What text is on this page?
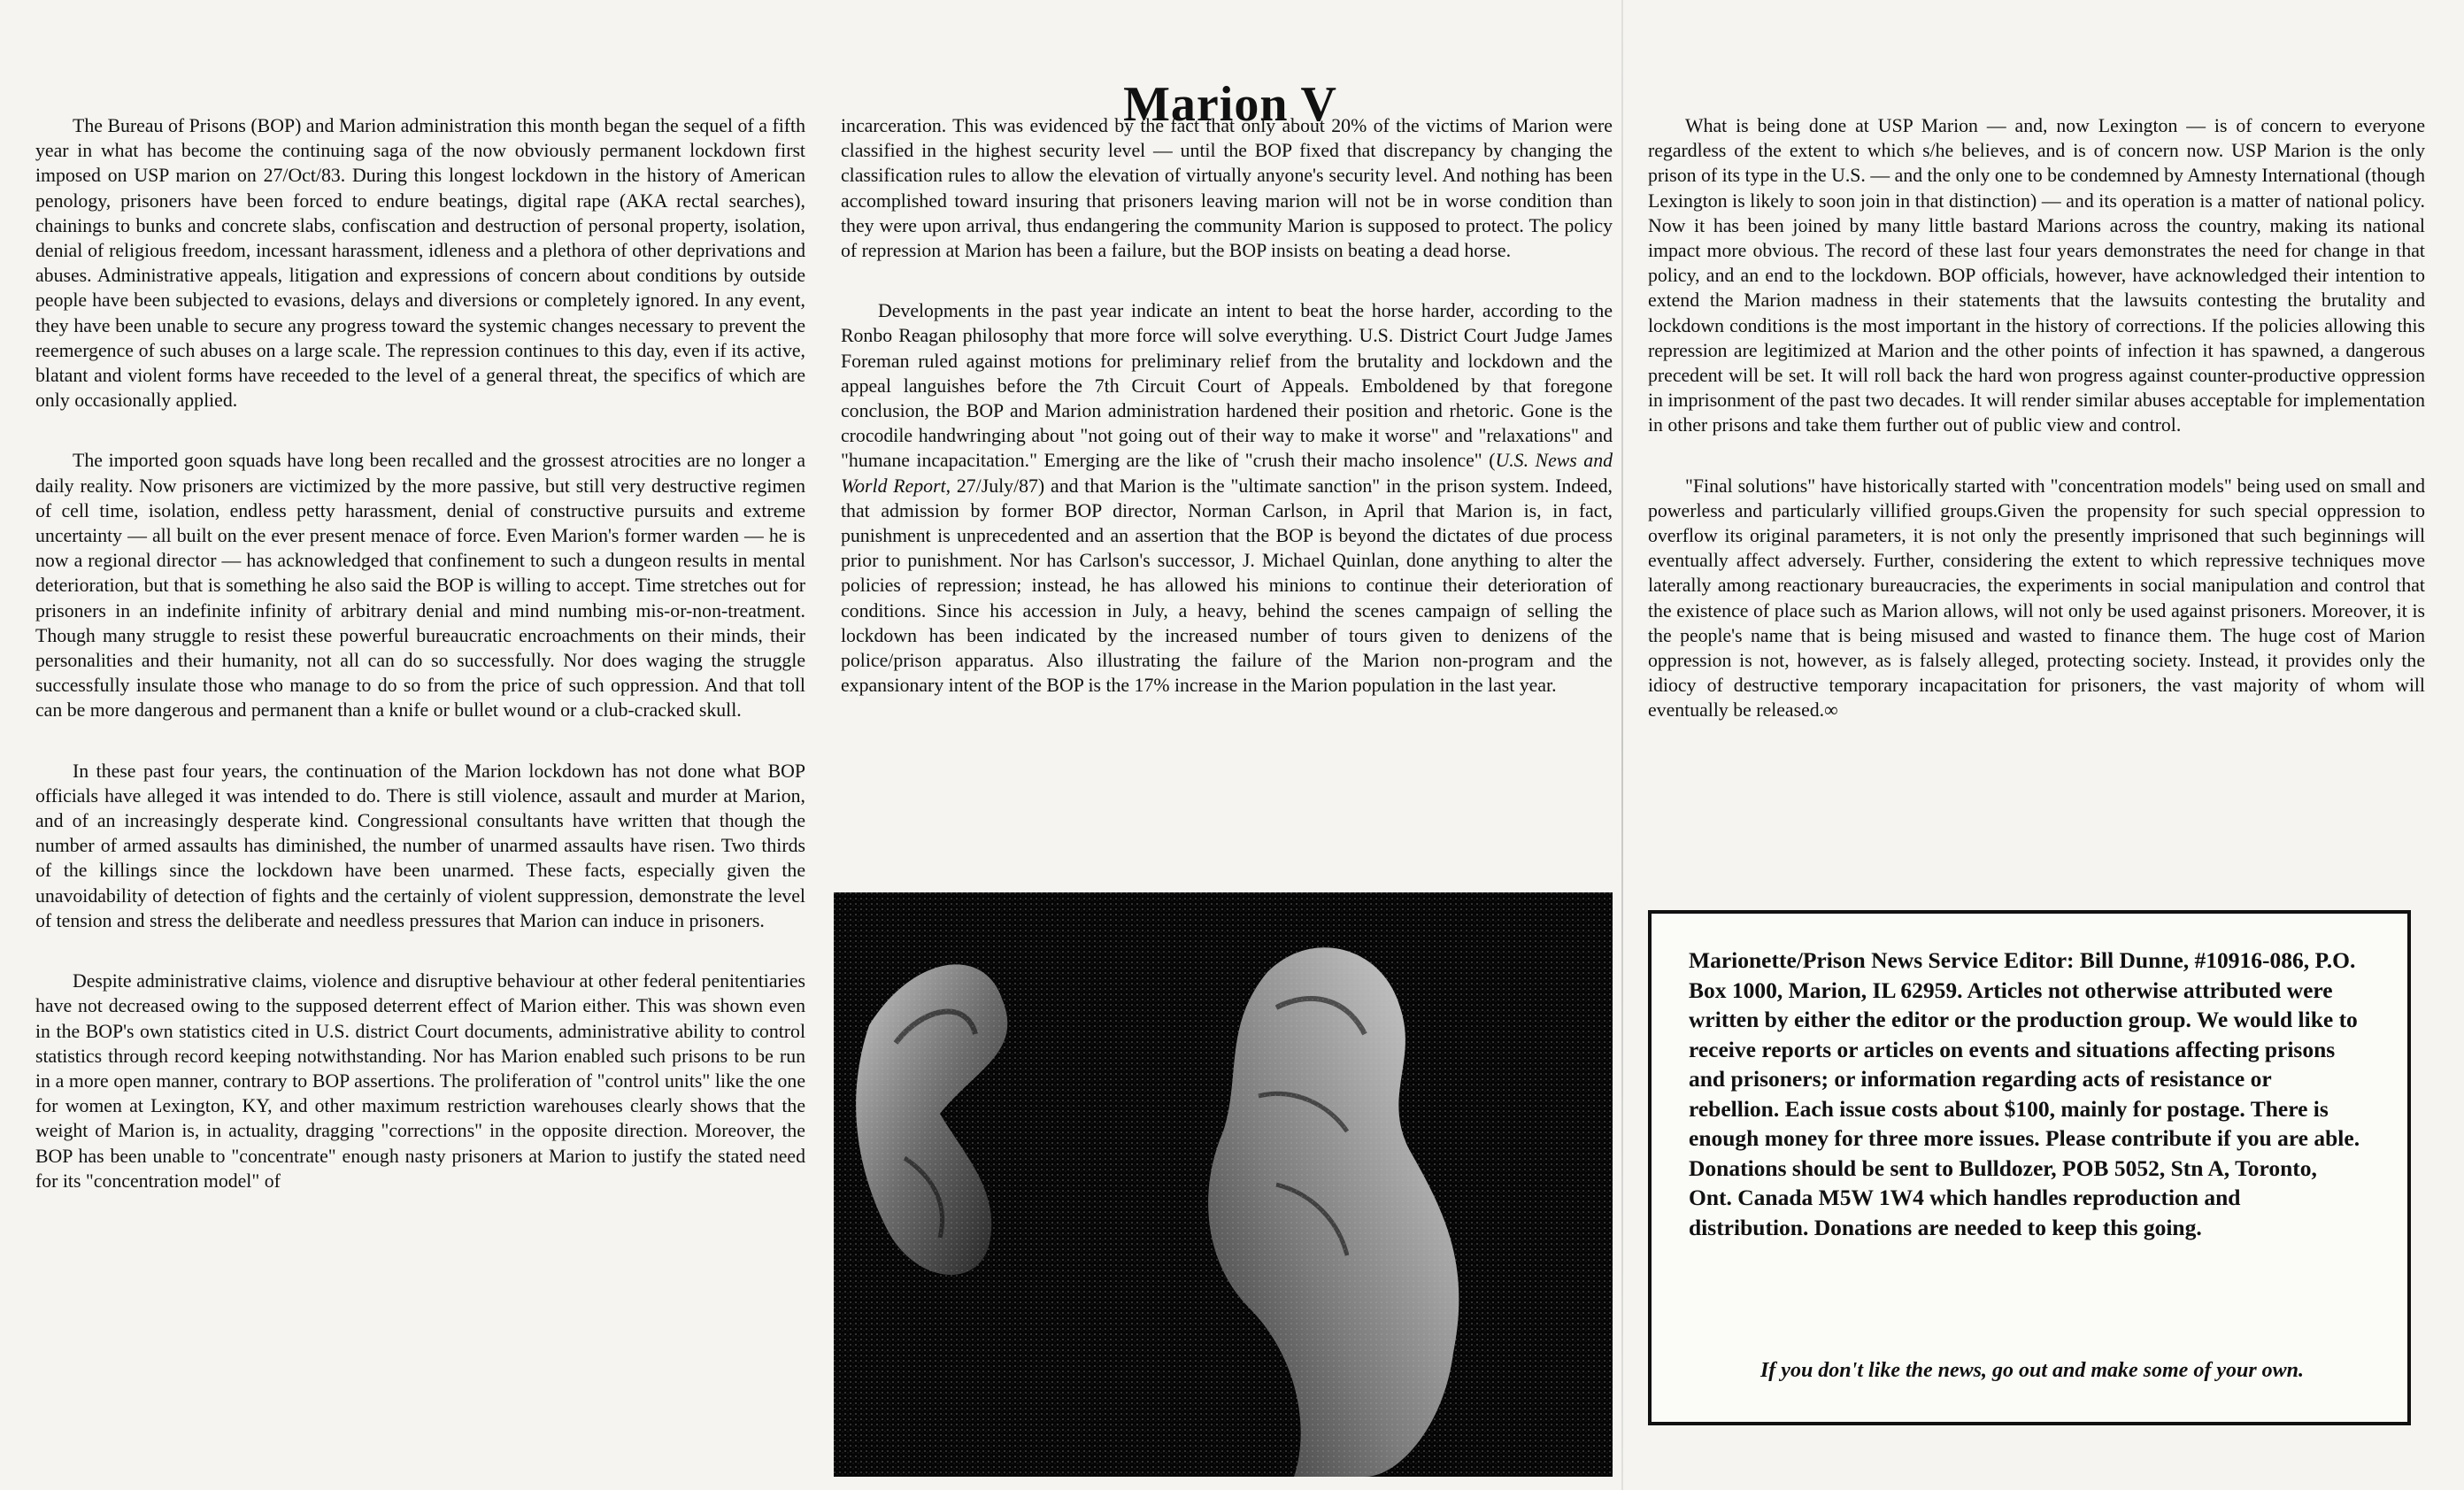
Marion V

The Bureau of Prisons (BOP) and Marion administration this month began the sequel of a fifth year in what has become the continuing saga of the now obviously permanent lockdown first imposed on USP marion on 27/Oct/83. During this longest lockdown in the history of American penology, prisoners have been forced to endure beatings, digital rape (AKA rectal searches), chainings to bunks and concrete slabs, confiscation and destruction of personal property, isolation, denial of religious freedom, incessant harassment, idleness and a plethora of other deprivations and abuses. Administrative appeals, litigation and expressions of concern about conditions by outside people have been subjected to evasions, delays and diversions or completely ignored. In any event, they have been unable to secure any progress toward the systemic changes necessary to prevent the reemergence of such abuses on a large scale. The repression continues to this day, even if its active, blatant and violent forms have receeded to the level of a general threat, the specifics of which are only occasionally applied.

The imported goon squads have long been recalled and the grossest atrocities are no longer a daily reality. Now prisoners are victimized by the more passive, but still very destructive regimen of cell time, isolation, endless petty harassment, denial of constructive pursuits and extreme uncertainty — all built on the ever present menace of force. Even Marion's former warden — he is now a regional director — has acknowledged that confinement to such a dungeon results in mental deterioration, but that is something he also said the BOP is willing to accept. Time stretches out for prisoners in an indefinite infinity of arbitrary denial and mind numbing mis-or-non-treatment. Though many struggle to resist these powerful bureaucratic encroachments on their minds, their personalities and their humanity, not all can do so successfully. Nor does waging the struggle successfully insulate those who manage to do so from the price of such oppression. And that toll can be more dangerous and permanent than a knife or bullet wound or a club-cracked skull.

In these past four years, the continuation of the Marion lockdown has not done what BOP officials have alleged it was intended to do. There is still violence, assault and murder at Marion, and of an increasingly desperate kind. Congressional consultants have written that though the number of armed assaults has diminished, the number of unarmed assaults have risen. Two thirds of the killings since the lockdown have been unarmed. These facts, especially given the unavoidability of detection of fights and the certainly of violent suppression, demonstrate the level of tension and stress the deliberate and needless pressures that Marion can induce in prisoners.

Despite administrative claims, violence and disruptive behaviour at other federal penitentiaries have not decreased owing to the supposed deterrent effect of Marion either. This was shown even in the BOP's own statistics cited in U.S. district Court documents, administrative ability to control statistics through record keeping notwithstanding. Nor has Marion enabled such prisons to be run in a more open manner, contrary to BOP assertions. The proliferation of "control units" like the one for women at Lexington, KY, and other maximum restriction warehouses clearly shows that the weight of Marion is, in actuality, dragging "corrections" in the opposite direction. Moreover, the BOP has been unable to "concentrate" enough nasty prisoners at Marion to justify the stated need for its "concentration model" of

incarceration. This was evidenced by the fact that only about 20% of the victims of Marion were classified in the highest security level — until the BOP fixed that discrepancy by changing the classification rules to allow the elevation of virtually anyone's security level. And nothing has been accomplished toward insuring that prisoners leaving marion will not be in worse condition than they were upon arrival, thus endangering the community Marion is supposed to protect. The policy of repression at Marion has been a failure, but the BOP insists on beating a dead horse.

Developments in the past year indicate an intent to beat the horse harder, according to the Ronbo Reagan philosophy that more force will solve everything. U.S. District Court Judge James Foreman ruled against motions for preliminary relief from the brutality and lockdown and the appeal languishes before the 7th Circuit Court of Appeals. Emboldened by that foregone conclusion, the BOP and Marion administration hardened their position and rhetoric. Gone is the crocodile handwringing about "not going out of their way to make it worse" and "relaxations" and "humane incapacitation." Emerging are the like of "crush their macho insolence" (U.S. News and World Report, 27/July/87) and that Marion is the "ultimate sanction" in the prison system. Indeed, that admission by former BOP director, Norman Carlson, in April that Marion is, in fact, punishment is unprecedented and an assertion that the BOP is beyond the dictates of due process prior to punishment. Nor has Carlson's successor, J. Michael Quinlan, done anything to alter the policies of repression; instead, he has allowed his minions to continue their deterioration of conditions. Since his accession in July, a heavy, behind the scenes campaign of selling the lockdown has been indicated by the increased number of tours given to denizens of the police/prison apparatus. Also illustrating the failure of the Marion non-program and the expansionary intent of the BOP is the 17% increase in the Marion population in the last year.

What is being done at USP Marion — and, now Lexington — is of concern to everyone regardless of the extent to which s/he believes, and is of concern now. USP Marion is the only prison of its type in the U.S. — and the only one to be condemned by Amnesty International (though Lexington is likely to soon join in that distinction) — and its operation is a matter of national policy. Now it has been joined by many little bastard Marions across the country, making its national impact more obvious. The record of these last four years demonstrates the need for change in that policy, and an end to the lockdown. BOP officials, however, have acknowledged their intention to extend the Marion madness in their statements that the lawsuits contesting the brutality and lockdown conditions is the most important in the history of corrections. If the policies allowing this repression are legitimized at Marion and the other points of infection it has spawned, a dangerous precedent will be set. It will roll back the hard won progress against counter-productive oppression in imprisonment of the past two decades. It will render similar abuses acceptable for implementation in other prisons and take them further out of public view and control.

"Final solutions" have historically started with "concentration models" being used on small and powerless and particularly villified groups.Given the propensity for such special oppression to overflow its original parameters, it is not only the presently imprisoned that such beginnings will eventually affect adversely. Further, considering the extent to which repressive techniques move laterally among reactionary bureaucracies, the experiments in social manipulation and control that the existence of place such as Marion allows, will not only be used against prisoners. Moreover, it is the people's name that is being misused and wasted to finance them. The huge cost of Marion oppression is not, however, as is falsely alleged, protecting society. Instead, it provides only the idiocy of destructive temporary incapacitation for prisoners, the vast majority of whom will eventually be released.∞

Marionette/Prison News Service Editor: Bill Dunne, #10916-086, P.O. Box 1000, Marion, IL 62959. Articles not otherwise attributed were written by either the editor or the production group. We would like to receive reports or articles on events and situations affecting prisons and prisoners; or information regarding acts of resistance or rebellion. Each issue costs about $100, mainly for postage. There is enough money for three more issues. Please contribute if you are able. Donations should be sent to Bulldozer, POB 5052, Stn A, Toronto, Ont. Canada M5W 1W4 which handles reproduction and distribution. Donations are needed to keep this going.
If you don't like the news, go out and make some of your own.
